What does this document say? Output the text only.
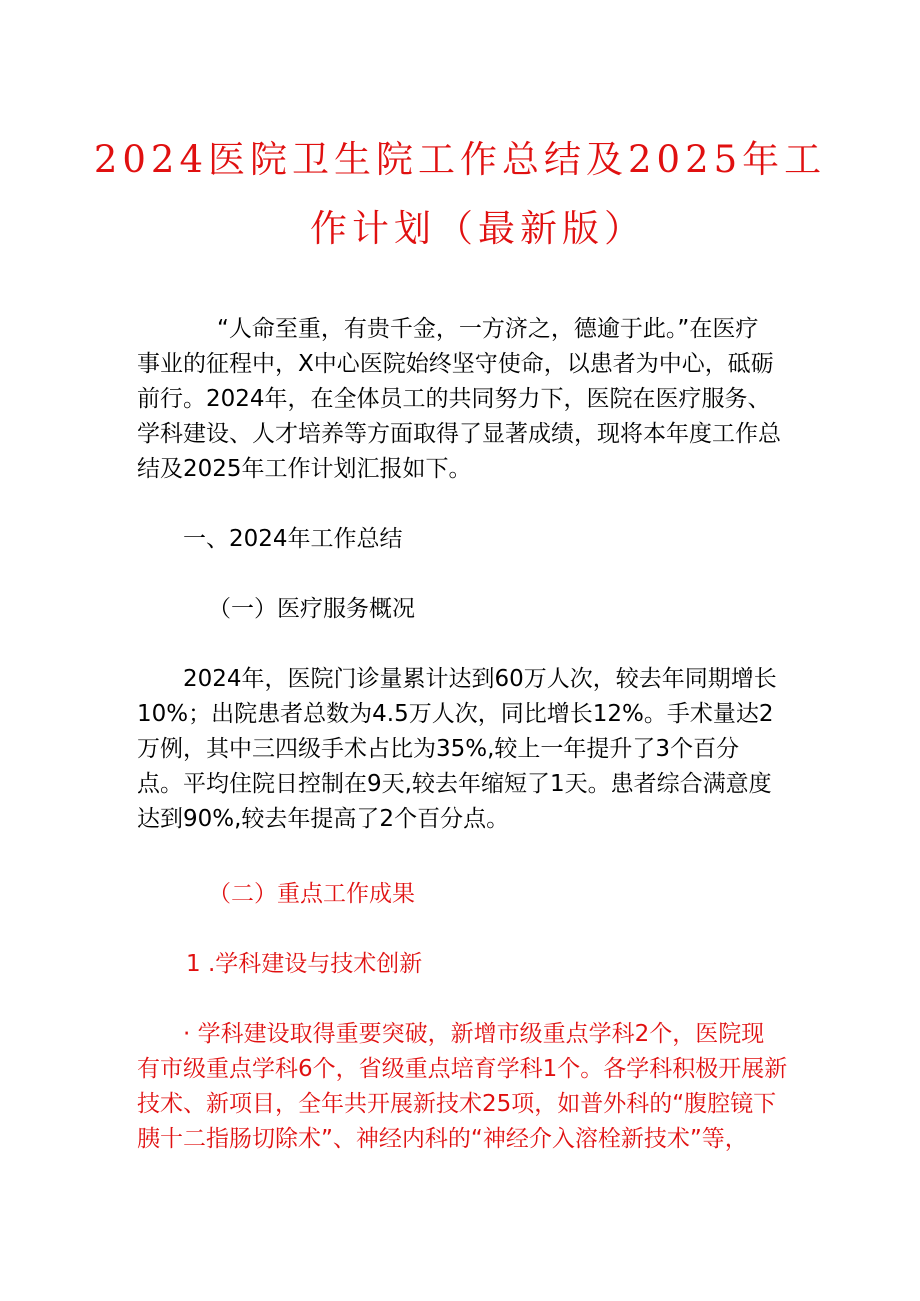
2024医院卫生院工作总结及2025年工
作计划（最新版）
“人命至重，有贵千金，一方济之，德逾于此。”在医疗
事业的征程中，X中心医院始终坚守使命，以患者为中心，砥砺
前行。2024年，在全体员工的共同努力下，医院在医疗服务、
学科建设、人才培养等方面取得了显著成绩，现将本年度工作总
结及2025年工作计划汇报如下。
一、2024年工作总结
（一）医疗服务概况
2024年，医院门诊量累计达到60万人次，较去年同期增长
10%；出院患者总数为4.5万人次，同比增长12%。手术量达2
万例，其中三四级手术占比为35%,较上一年提升了3个百分
点。平均住院日控制在9天,较去年缩短了1天。患者综合满意度
达到90%,较去年提高了2个百分点。
（二）重点工作成果
1 .学科建设与技术创新
· 学科建设取得重要突破，新增市级重点学科2个，医院现
有市级重点学科6个，省级重点培育学科1个。各学科积极开展新
技术、新项目，全年共开展新技术25项，如普外科的“腹腔镜下
胰十二指肠切除术”、神经内科的“神经介入溶栓新技术”等，
